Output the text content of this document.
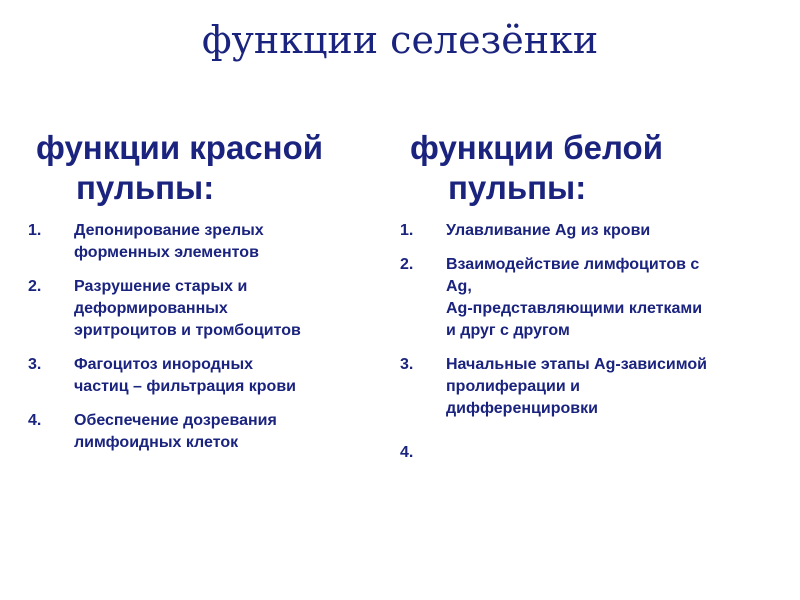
функции селезёнки
функции красной
пульпы:
1.	Депонирование зрелых
форменных элементов
2.	Разрушение старых и
деформированных
эритроцитов и тромбоцитов
3.	Фагоцитоз инородных
частиц – фильтрация крови
4.	Обеспечение дозревания
лимфоидных клеток
функции белой
пульпы:
1.	Улавливание Ag из крови
2.	Взаимодействие лимфоцитов с
Ag,
Ag-представляющими клетками
и друг с другом
3.	Начальные этапы Ag-зависимой
пролиферации и
дифференцировки
4.
